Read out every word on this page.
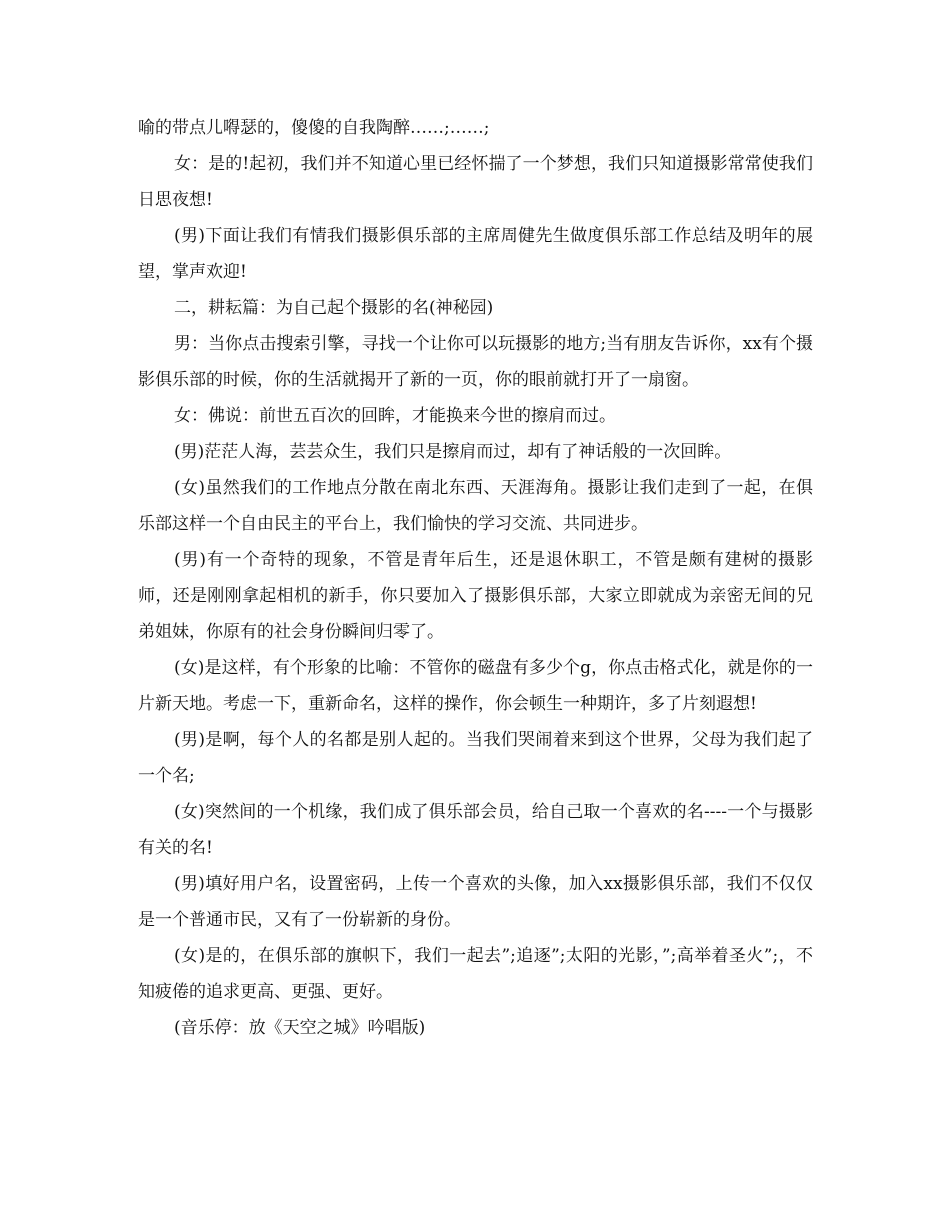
喻的带点儿嘚瑟的，傻傻的自我陶醉……;……;

女：是的!起初，我们并不知道心里已经怀揣了一个梦想，我们只知道摄影常常使我们日思夜想!

(男)下面让我们有情我们摄影俱乐部的主席周健先生做度俱乐部工作总结及明年的展望，掌声欢迎!

二，耕耘篇：为自己起个摄影的名(神秘园)

男：当你点击搜索引擎，寻找一个让你可以玩摄影的地方;当有朋友告诉你，xx有个摄影俱乐部的时候，你的生活就揭开了新的一页，你的眼前就打开了一扇窗。

女：佛说：前世五百次的回眸，才能换来今世的擦肩而过。

(男)茫茫人海，芸芸众生，我们只是擦肩而过，却有了神话般的一次回眸。

(女)虽然我们的工作地点分散在南北东西、天涯海角。摄影让我们走到了一起，在俱乐部这样一个自由民主的平台上，我们愉快的学习交流、共同进步。

(男)有一个奇特的现象，不管是青年后生，还是退休职工，不管是颇有建树的摄影师，还是刚刚拿起相机的新手，你只要加入了摄影俱乐部，大家立即就成为亲密无间的兄弟姐妹，你原有的社会身份瞬间归零了。

(女)是这样，有个形象的比喻：不管你的磁盘有多少个g，你点击格式化，就是你的一片新天地。考虑一下，重新命名，这样的操作，你会顿生一种期许，多了片刻遐想!

(男)是啊，每个人的名都是别人起的。当我们哭闹着来到这个世界，父母为我们起了一个名;

(女)突然间的一个机缘，我们成了俱乐部会员，给自己取一个喜欢的名----一个与摄影有关的名!

(男)填好用户名，设置密码，上传一个喜欢的头像，加入xx摄影俱乐部，我们不仅仅是一个普通市民，又有了一份崭新的身份。

(女)是的，在俱乐部的旗帜下，我们一起去”;追逐”;太阳的光影，”;高举着圣火”;，不知疲倦的追求更高、更强、更好。

(音乐停：放《天空之城》吟唱版)
